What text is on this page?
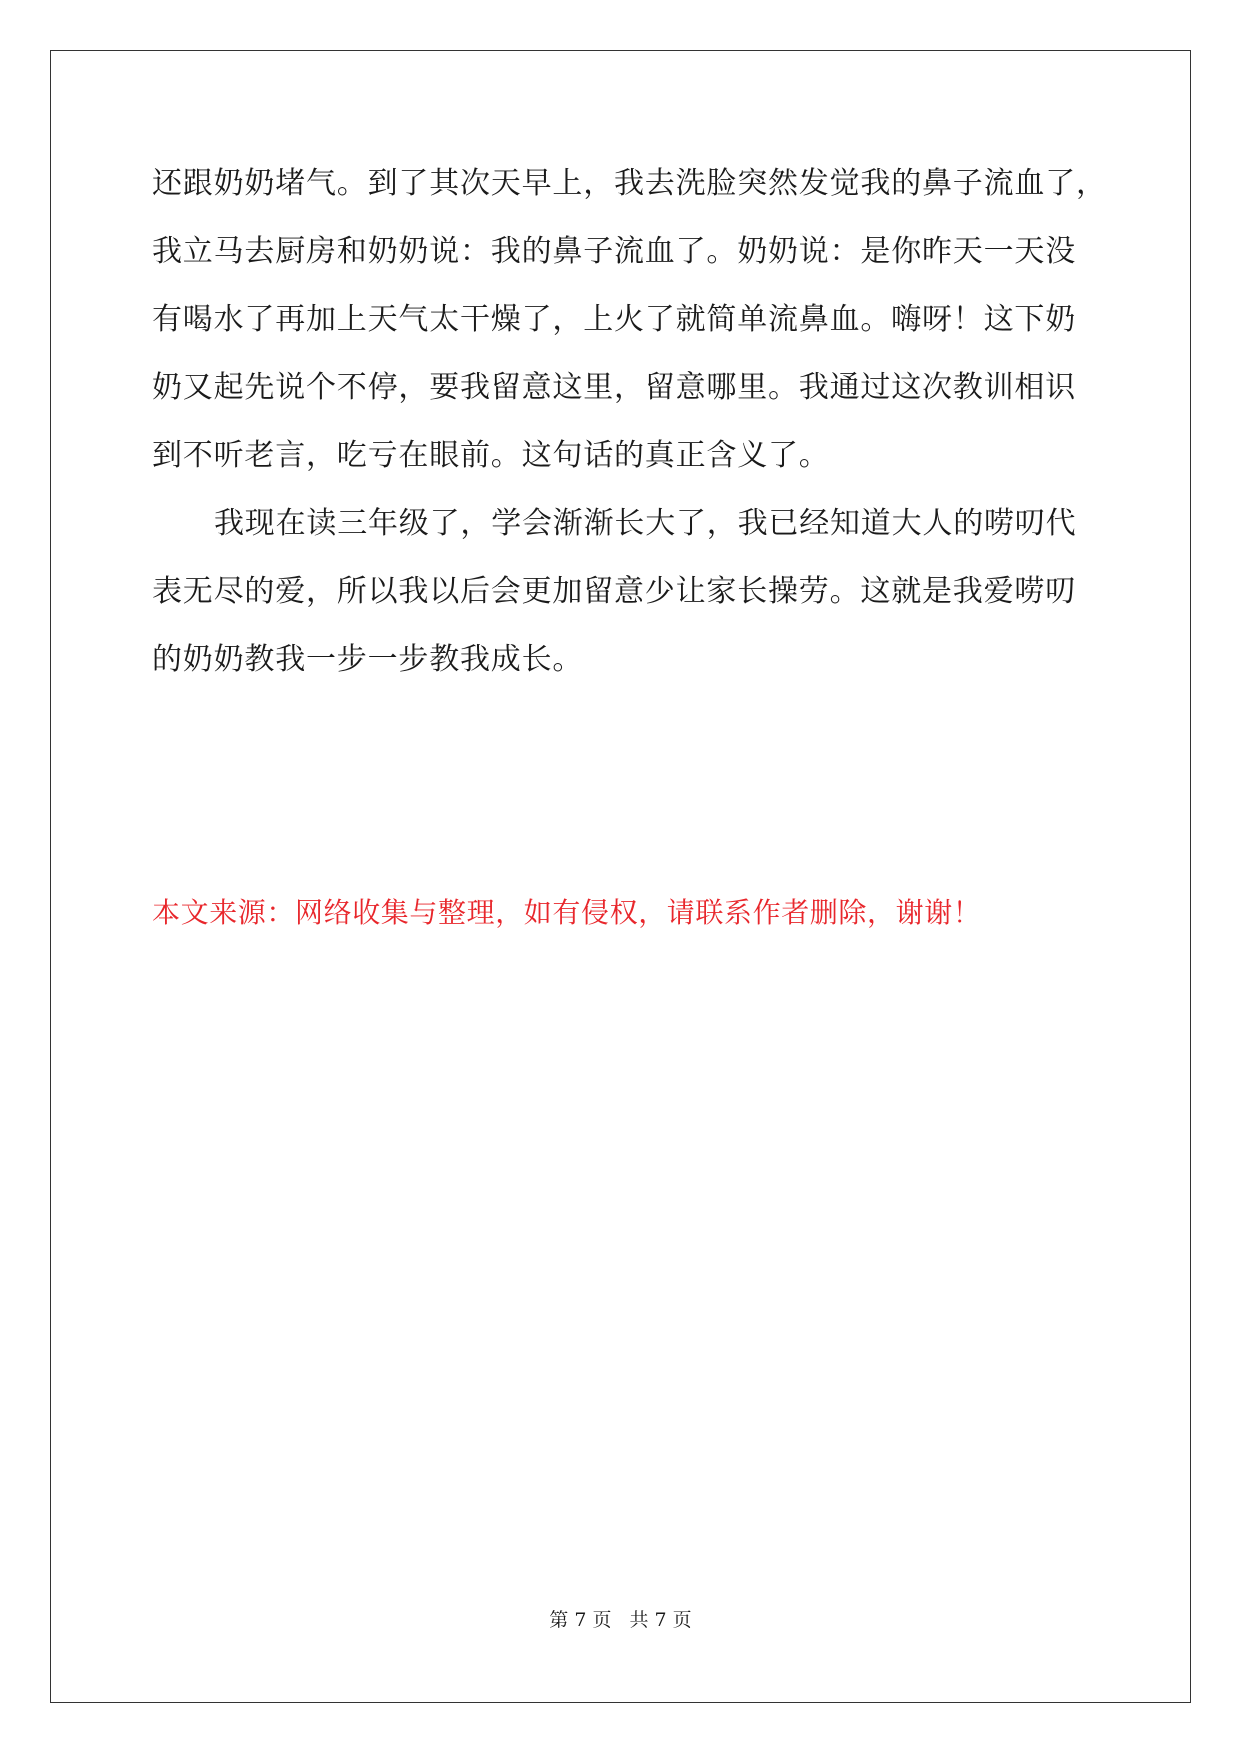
还跟奶奶堵气。到了其次天早上，我去洗脸突然发觉我的鼻子流血了，
我立马去厨房和奶奶说：我的鼻子流血了。奶奶说：是你昨天一天没
有喝水了再加上天气太干燥了，上火了就简单流鼻血。嗨呀！这下奶
奶又起先说个不停，要我留意这里，留意哪里。我通过这次教训相识
到不听老言，吃亏在眼前。这句话的真正含义了。
我现在读三年级了，学会渐渐长大了，我已经知道大人的唠叨代
表无尽的爱，所以我以后会更加留意少让家长操劳。这就是我爱唠叨
的奶奶教我一步一步教我成长。
本文来源：网络收集与整理，如有侵权，请联系作者删除，谢谢！
第 7 页 共 7 页
